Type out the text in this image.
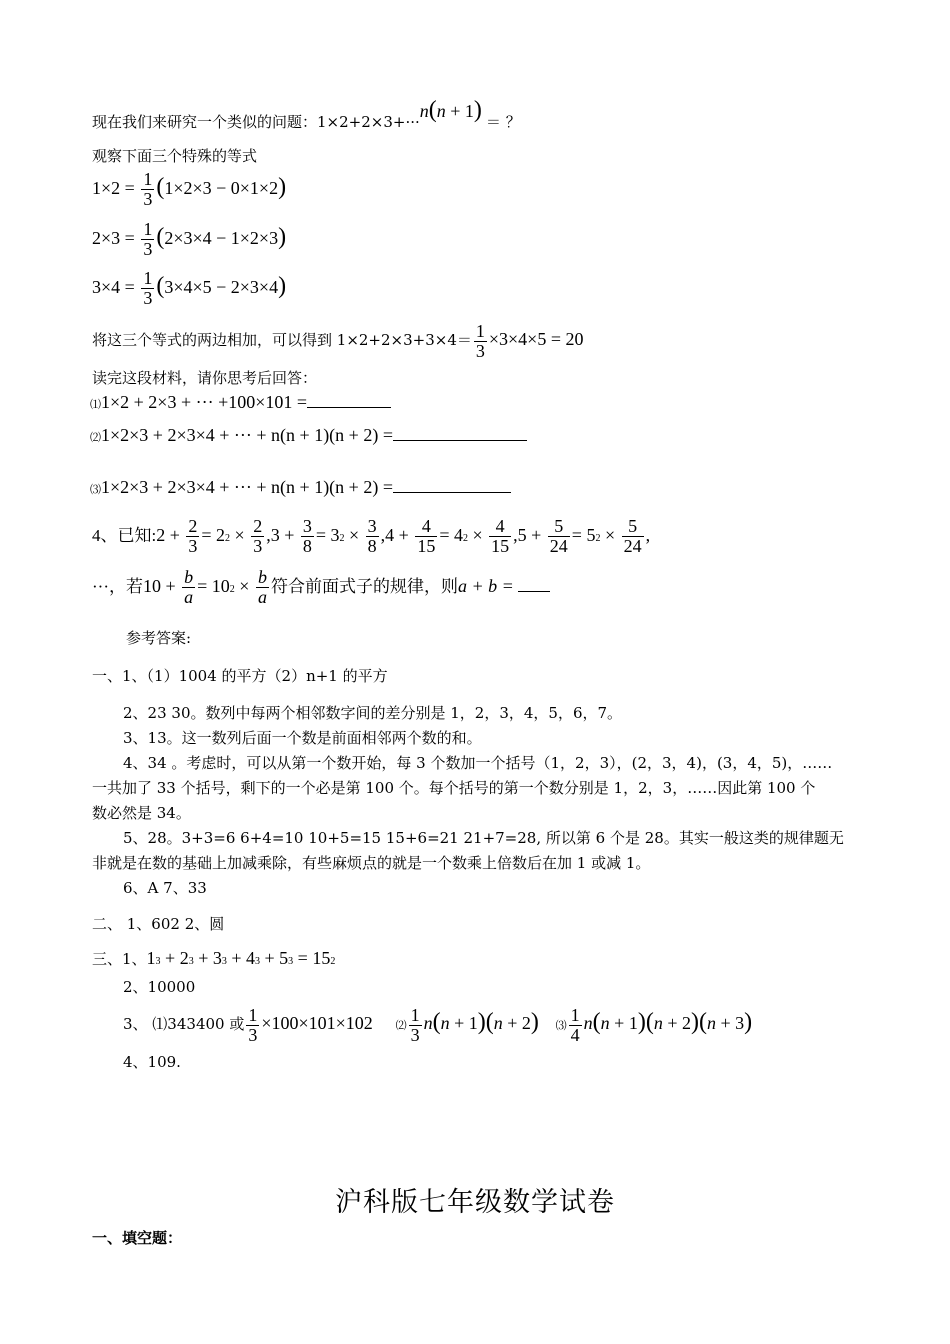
现在我们来研究一个类似的问题：1×2+2×3+···n(n + 1) ＝ ？
观察下面三个特殊的等式
$1\times 2 = \frac{1}{3} (1\times 2\times 3 - 0\times 1\times 2)$
$2\times 3 = \frac{1}{3} (2\times 3\times 4 - 1\times 2\times 3)$
$3\times 4 = \frac{1}{3} (3\times 4\times 5 - 2\times 3\times 4)$
将这三个等式的两边相加，可以得到 $1\times 2+2\times 3+3\times 4= \frac{1}{3} \times 3\times 4\times 5 = 20$
读完这段材料，请你思考后回答：
⑴1×2 + 2×3 + ··· +100×101 =
⑵1×2×3 + 2×3×4 + ··· + n(n + 1)(n + 2) =
⑶1×2×3 + 2×3×4 + ··· + n(n + 1)(n + 2) =
4、已知:2 + $\frac{2}{3} = 22 \times \frac{2}{3} ,3 + \frac{3}{8} = 32 \times \frac{3}{8} ,4 + \frac{4}{15} = 42 \times \frac{4}{15} ,5 + \frac{5}{24} = 52 \times \frac{5}{24}$ ,
···，若$10 + \frac{b}{a} = 102 \times \frac{b}{a}$ 符合前面式子的规律，则a + b =
参考答案:
一、1、（1）1004 的平方（2）n+1 的平方
2、23 30。数列中每两个相邻数字间的差分别是 1，2，3，4，5，6，7。
3、13。这一数列后面一个数是前面相邻两个数的和。
4、34 。考虑时，可以从第一个数开始，每 3 个数加一个括号（1，2，3），(2，3，4)，(3，4，5)，……
一共加了 33 个括号，剩下的一个必是第 100 个。每个括号的第一个数分别是 1，2，3，……因此第 100 个
数必然是 34。
5、28。3+3=6 6+4=10 10+5=15 15+6=21 21+7=28, 所以第 6 个是 28。其实一般这类的规律题无
非就是在数的基础上加减乘除，有些麻烦点的就是一个数乘上倍数后在加 1 或减 1。
6、A 7、33
二、 1、602 2、圆
三、1、13 + 23 + 33 + 43 + 53 = 152
2、10000
3、 ⑴343400 或 $\frac{1}{3} \times 100\times 101\times 102$ ⑵ $\frac{1}{3} n(n + 1)(n + 2)$ ⑶ $\frac{1}{4} n(n + 1)(n + 2)(n + 3)$
4、109.
沪科版七年级数学试卷
一、填空题：
